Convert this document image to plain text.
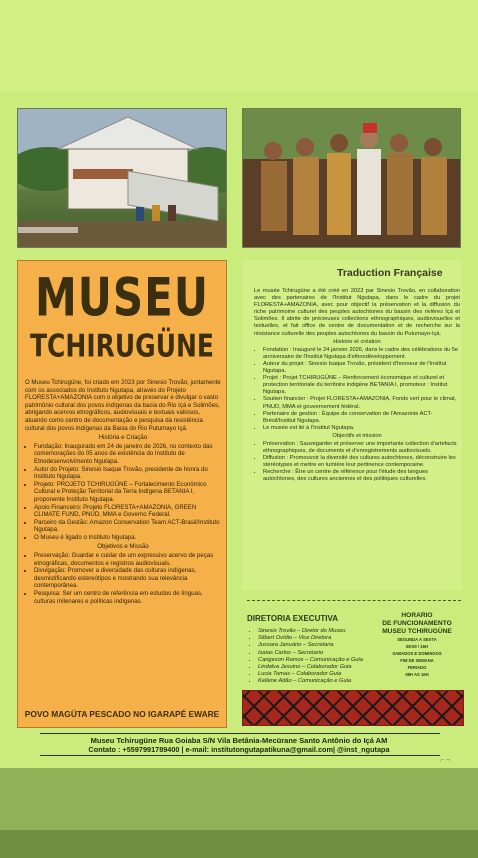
MUSEU
TCHIRUGÜNE

O Museu Tchirugüne, foi criado em 2023 por Sinesio Trovão, juntamente com os associados do Instituto Ngutapa, através do Projeto FLORESTA+AMAZONIA com o objetivo de preservar e divulgar o vasto patrimônio cultural dos povos indígenas da bacia do Rio Içá e Solimões, abrigando acervos etnográficos, audiovisuais e textuais valiosos, atuando como centro de documentação e pesquisa da resistência cultural dos povos indígenas da Bacia do Rio Putumayo Içá.

História e Criação
• Fundação: Inaugurado em 24 de janeiro de 2026, no contexto das comemorações do 05 anos de existência do Instituto de Etnodesenvolvimento Ngutapa.
• Autor do Projeto: Sinesio Isaque Trovão, presidente de honra do Instituto Ngutapa.
• Projeto: PROJETO TCHIRUGÜNE – Fortalecimento Econômico Cultural e Proteção Territorial da Terra Indígena BETANIA I, proponente Instituto Ngutapa.
• Apoio Financeiro: Projeto FLORESTA+AMAZONIA, GREEN CLIMATE FUND, PNUD, MMA e Governo Federal.
• Parceiro da Gestão: Amazon Conservation Team ACT-Brasil/Instituto Ngutapa.
• O Museu é ligado o Instituto Ngutapa.
Objetivos e Missão
• Preservação: Guardar e cuidar de um expressivo acervo de peças etnográficas, documentos e registros audiovisuais.
• Divulgação: Promover a diversidade das culturas indígenas, desmistificando estereótipos e mostrando sua relevância contemporânea.
• Pesquisa: Ser um centro de referência em estudos de línguas, culturas milenares e políticas indígenas.
POVO MAGÜTA PESCADO NO IGARAPÉ EWARE
Traduction Française

Le musée Tchirugüne a été créé en 2023 par Sinesio Trovão, en collaboration avec des partenaires de l'Institut Ngutapa, dans le cadre du projet FLORESTA+AMAZONIA, avec pour objectif la préservation et la diffusion du riche patrimoine culturel des peuples autochtones du bassin des rivières Içá et Solimões. Il abrite de précieuses collections ethnographiques, audiovisuelles et textuelles, et fait office de centre de documentation et de recherche sur la résistance culturelle des peuples autochtones du bassin du Putumayo-Içá.

Histoire et création
• Fondation : Inauguré le 24 janvier 2026, dans le cadre des célébrations du 5e anniversaire de l'Institut Ngutapa d'ethnodéveloppement.
• Auteur du projet : Sinesio Isaque Trovão, président d'honneur de l'Institut Ngutapa.
• Projet : Projet TCHIRUGÜNE – Renforcement économique et culturel et protection territoriale du territoire indigène BETANIA I, promoteur : Institut Ngutapa.
• Soutien financier : Projet FLORESTA+AMAZONIA, Fonds vert pour le climat, PNUD, MMA et gouvernement fédéral.
• Partenaire de gestion : Équipe de conservation de l'Amazonie ACT-Brésil/Institut Ngutapa.
• Le musée est lié à l'Institut Ngutapa.
Objectifs et mission
• Préservation : Sauvegarder et préserver une importante collection d'artefacts ethnographiques, de documents et d'enregistrements audiovisuels.
• Diffusion : Promouvoir la diversité des cultures autochtones, déconstruire les stéréotypes et mettre en lumière leur pertinence contemporaine.
• Recherche : Être un centre de référence pour l'étude des langues autochtones, des cultures anciennes et des politiques culturelles.
DIRETORIA EXECUTIVA
• Sinesio Trovão – Diretor do Museu
• Silbert Ovídio – Vice Diretora
• Jussara Januário – Secretaria
• Isaias Carlos – Secretario
• Cangeson Ramos – Comunicação e Guia
• Lindalva Jesuino – Colaborador Guia
• Lucia Tomas – Colaborador Guia
• Kellene Adão – Comunicação e Guia
HORARIO
DE FUNCIONAMENTO
MUSEU TCHIRUGÜNE
SEGUNDA A SEXTA
08:00 / 16H
SABADOS E DOMINGOS
FIM DE SEMANA
FERIADO
08H AS 16H
Museu Tchirugüne Rua Goiaba S/N Vila Betânia-Mecürane Santo Antônio do Içá AM
Contato : +5597991789400 | e-mail: institutongutapatikuna@gmail.com| @inst_ngutapa
⌐ ¬
